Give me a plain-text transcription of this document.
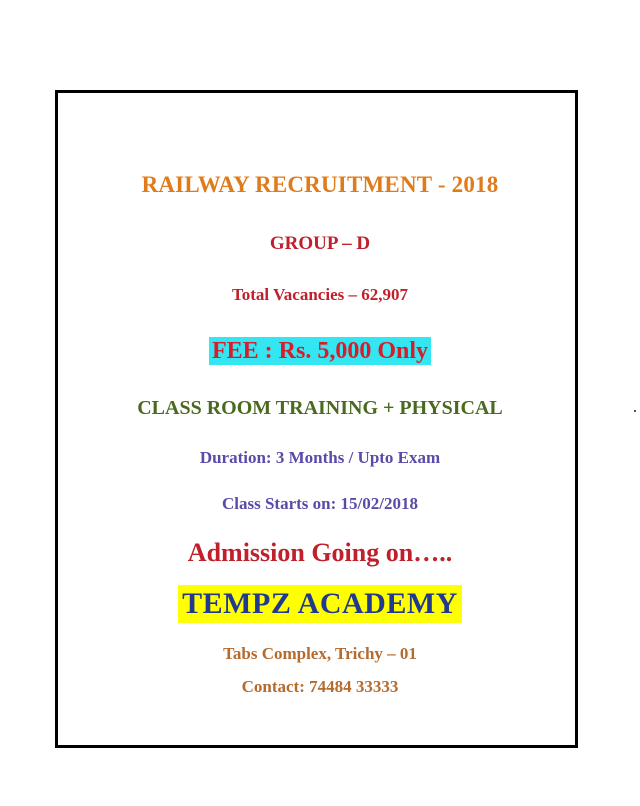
RAILWAY RECRUITMENT - 2018
GROUP – D
Total Vacancies – 62,907
FEE : Rs. 5,000 Only
CLASS ROOM TRAINING + PHYSICAL
Duration: 3 Months / Upto Exam
Class Starts on: 15/02/2018
Admission Going on…..
TEMPZ ACADEMY
Tabs Complex, Trichy – 01
Contact: 74484 33333
